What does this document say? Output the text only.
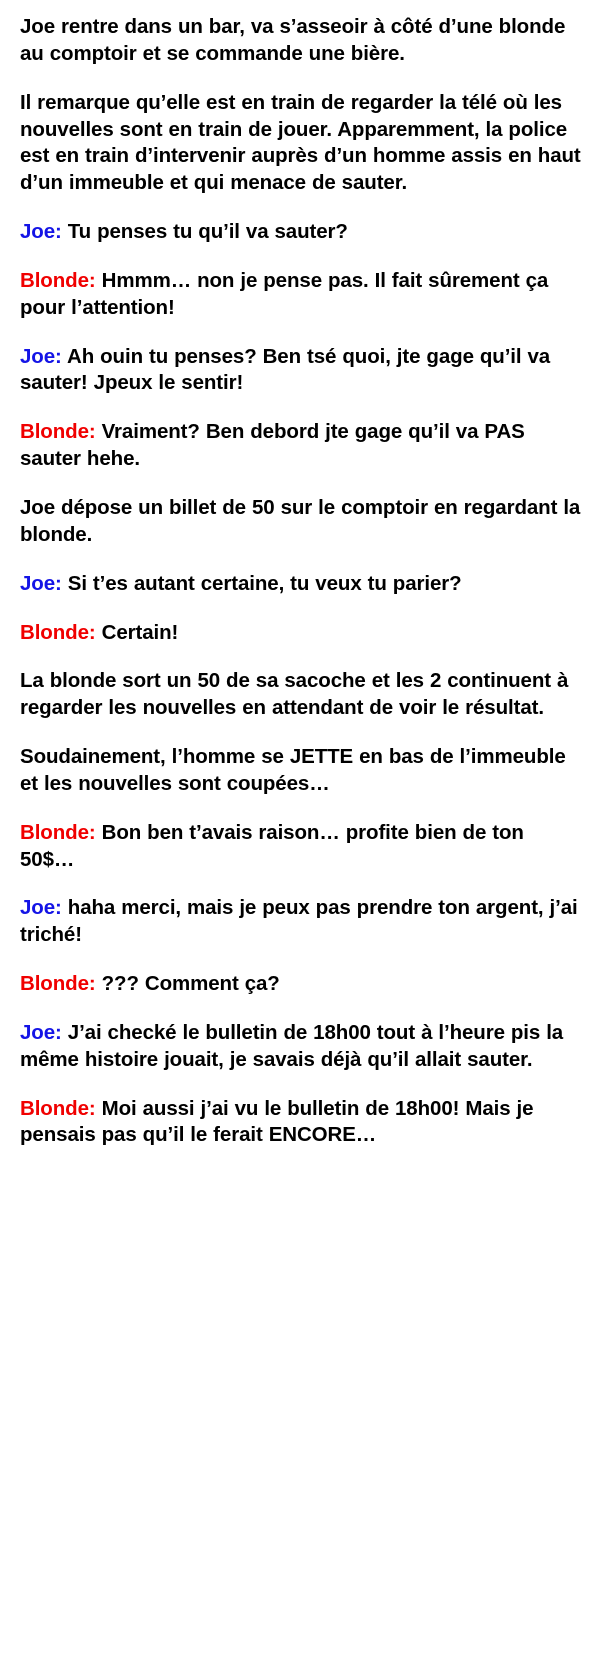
Joe rentre dans un bar, va s’asseoir à côté d’une blonde au comptoir et se commande une bière.

Il remarque qu’elle est en train de regarder la télé où les nouvelles sont en train de jouer. Apparemment, la police est en train d’intervenir auprès d’un homme assis en haut d’un immeuble et qui menace de sauter.

Joe: Tu penses tu qu’il va sauter?

Blonde: Hmmm… non je pense pas. Il fait sûrement ça pour l’attention!

Joe: Ah ouin tu penses? Ben tsé quoi, jte gage qu’il va sauter! Jpeux le sentir!

Blonde: Vraiment? Ben debord jte gage qu’il va PAS sauter hehe.

Joe dépose un billet de 50 sur le comptoir en regardant la blonde.

Joe: Si t’es autant certaine, tu veux tu parier?

Blonde: Certain!

La blonde sort un 50 de sa sacoche et les 2 continuent à regarder les nouvelles en attendant de voir le résultat.

Soudainement, l’homme se JETTE en bas de l’immeuble et les nouvelles sont coupées…

Blonde: Bon ben t’avais raison… profite bien de ton 50$…

Joe: haha merci, mais je peux pas prendre ton argent, j’ai triché!

Blonde: ??? Comment ça?

Joe: J’ai checké le bulletin de 18h00 tout à l’heure pis la même histoire jouait, je savais déjà qu’il allait sauter.

Blonde: Moi aussi j’ai vu le bulletin de 18h00! Mais je pensais pas qu’il le ferait ENCORE…
